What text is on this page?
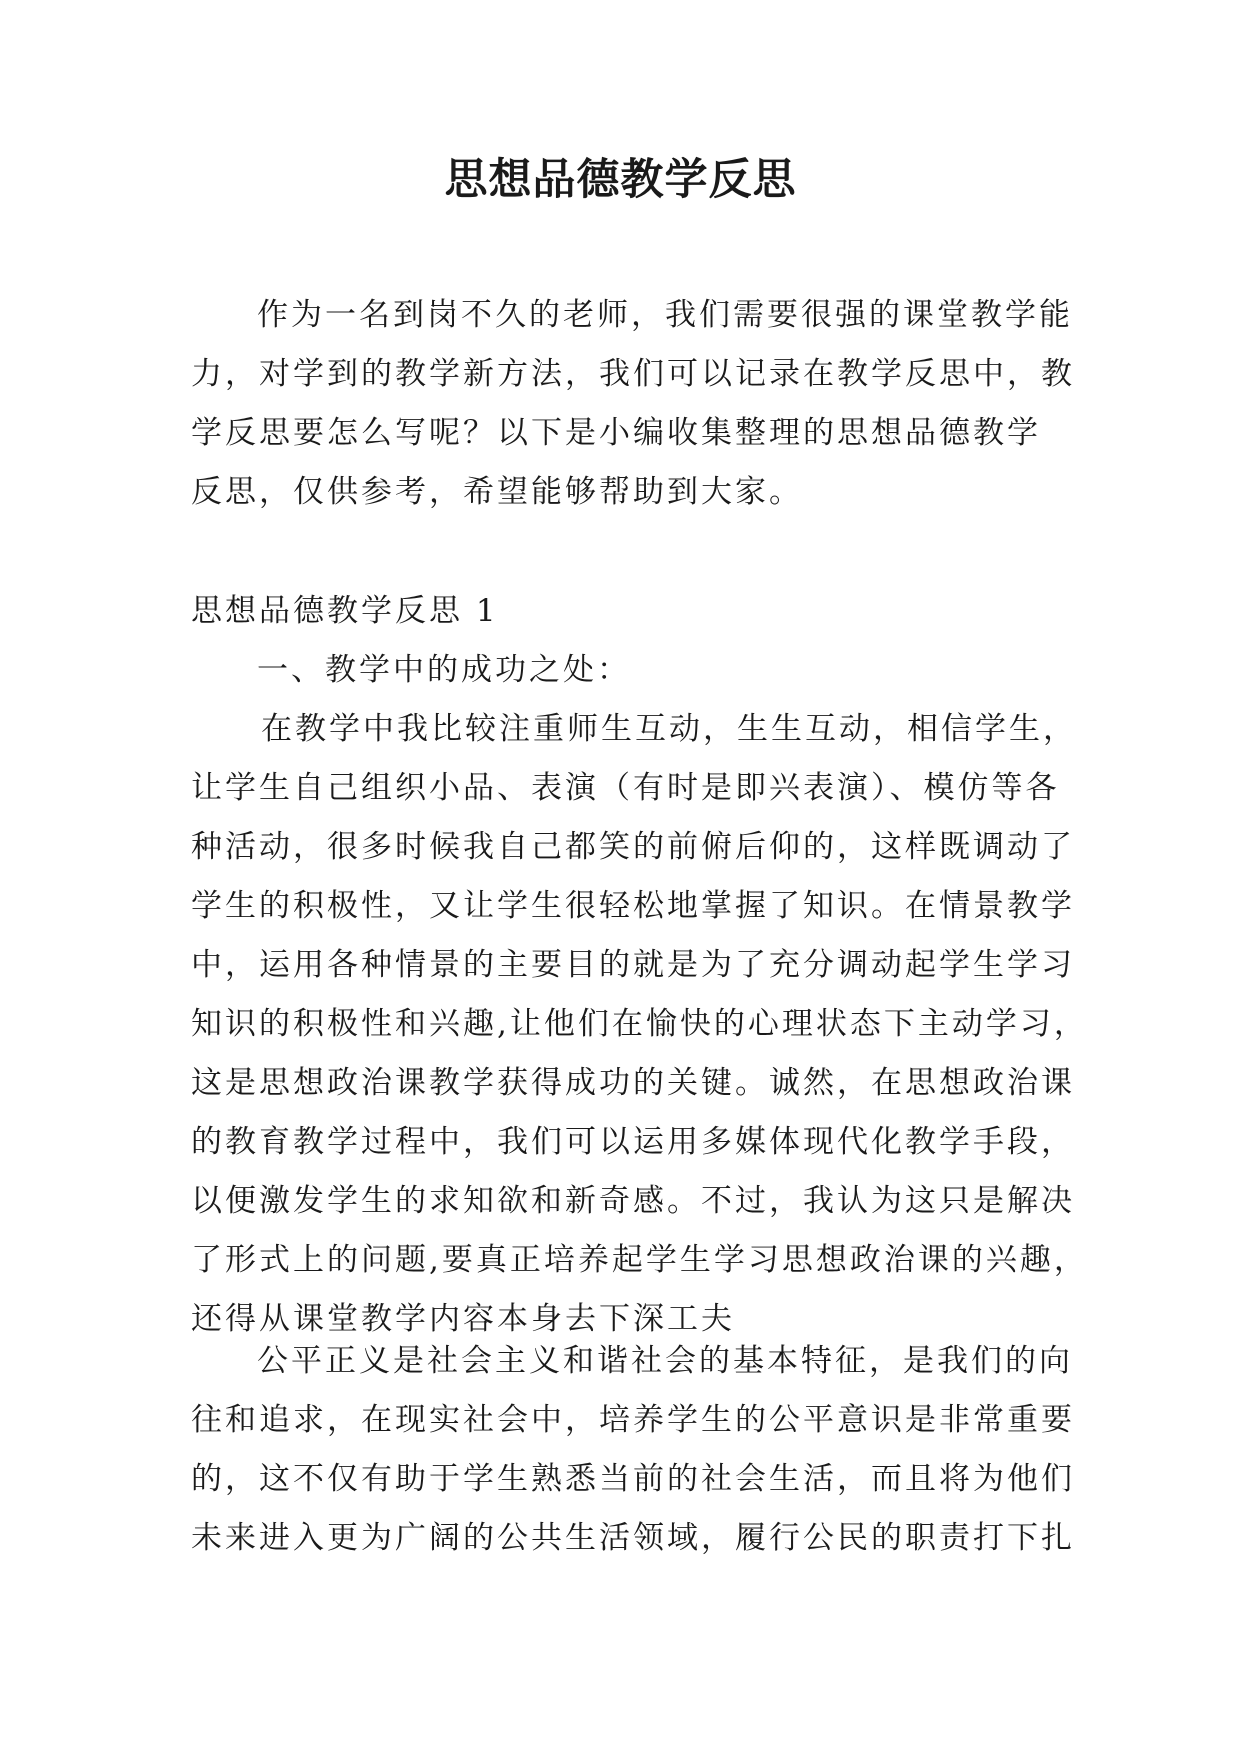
思想品德教学反思
作为一名到岗不久的老师，我们需要很强的课堂教学能
力，对学到的教学新方法，我们可以记录在教学反思中，教
学反思要怎么写呢？以下是小编收集整理的思想品德教学
反思，仅供参考，希望能够帮助到大家。
思想品德教学反思 1
一、教学中的成功之处：
在教学中我比较注重师生互动，生生互动，相信学生，
让学生自己组织小品、表演（有时是即兴表演）、模仿等各
种活动，很多时候我自己都笑的前俯后仰的，这样既调动了
学生的积极性，又让学生很轻松地掌握了知识。在情景教学
中，运用各种情景的主要目的就是为了充分调动起学生学习
知识的积极性和兴趣,让他们在愉快的心理状态下主动学习，
这是思想政治课教学获得成功的关键。诚然，在思想政治课
的教育教学过程中，我们可以运用多媒体现代化教学手段，
以便激发学生的求知欲和新奇感。不过，我认为这只是解决
了形式上的问题,要真正培养起学生学习思想政治课的兴趣，
还得从课堂教学内容本身去下深工夫
公平正义是社会主义和谐社会的基本特征，是我们的向
往和追求，在现实社会中，培养学生的公平意识是非常重要
的，这不仅有助于学生熟悉当前的社会生活，而且将为他们
未来进入更为广阔的公共生活领域，履行公民的职责打下扎
